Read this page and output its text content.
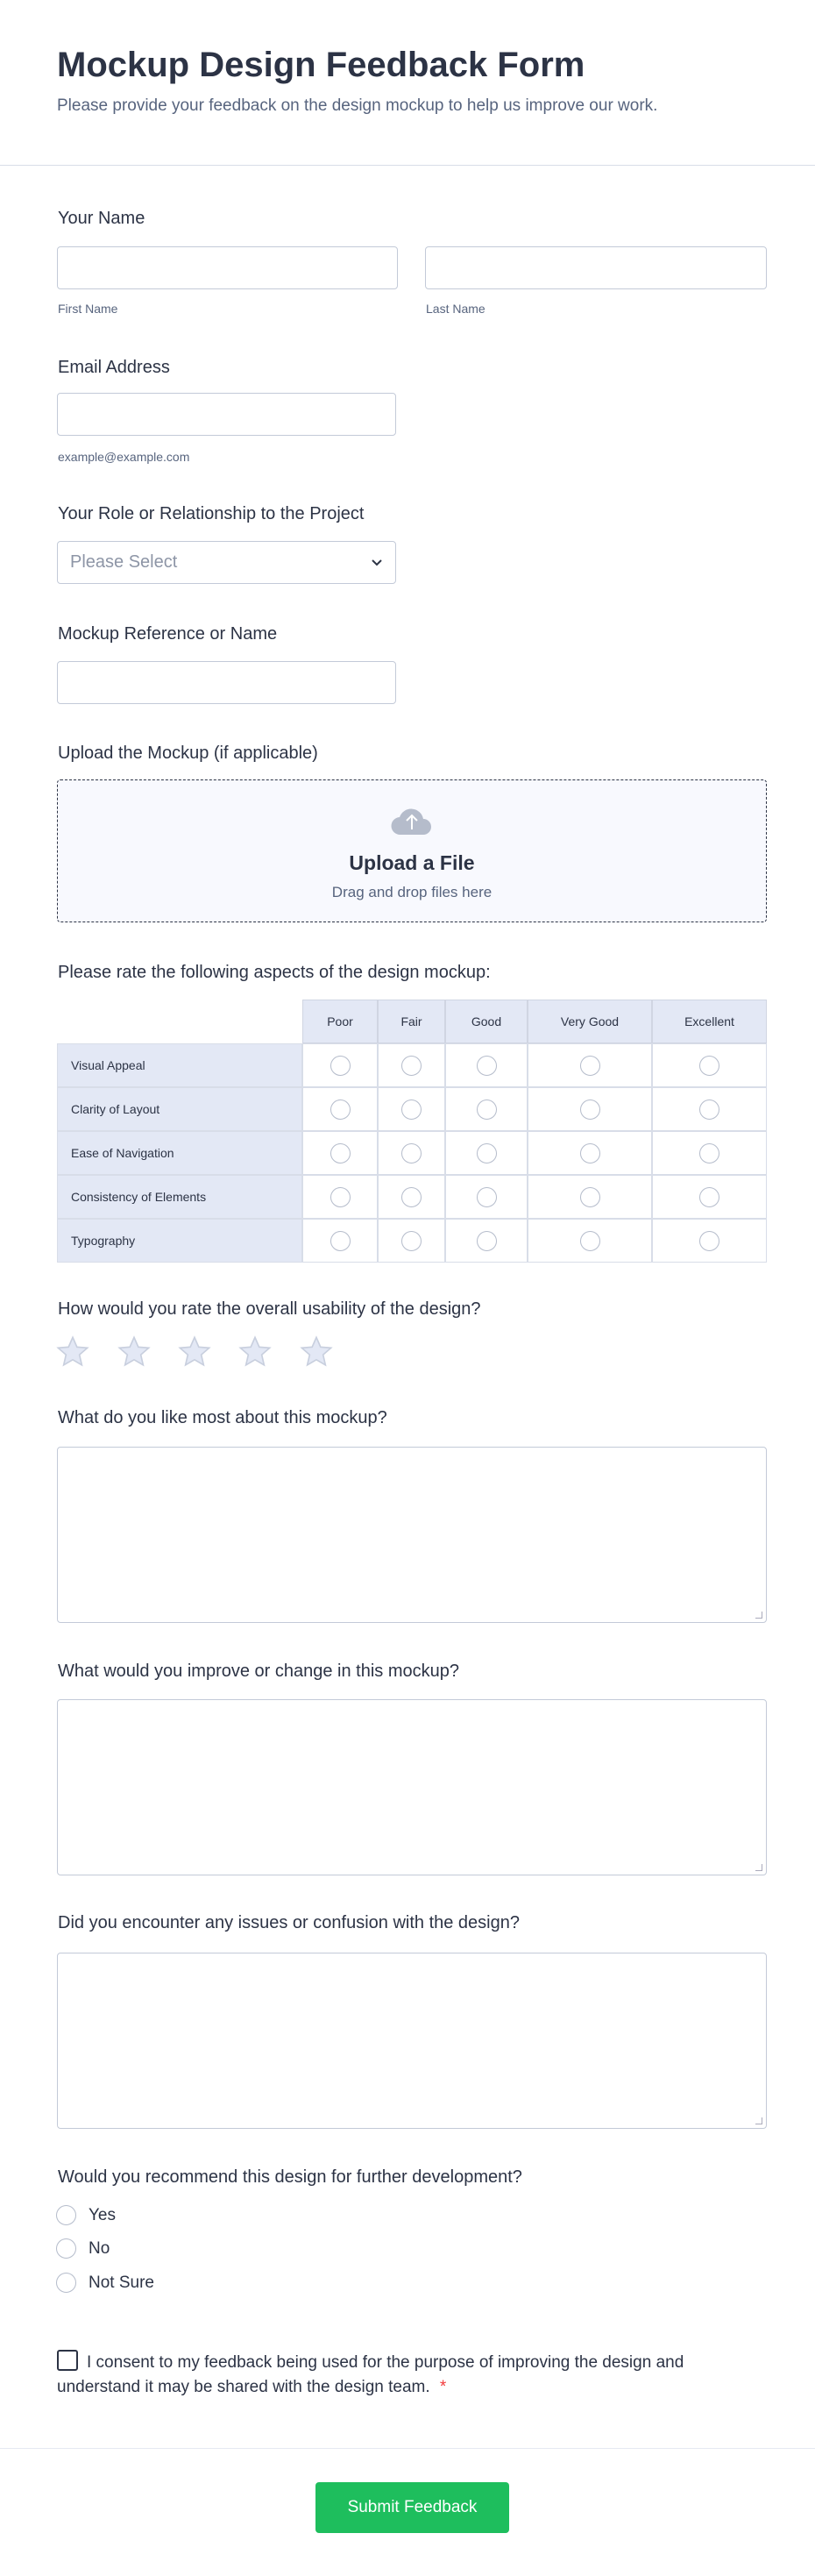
Mockup Design Feedback Form

Please provide your feedback on the design mockup to help us improve our work.

Your Name
First Name	Last Name
Email Address
example@example.com
Your Role or Relationship to the Project
Please Select
Mockup Reference or Name
Upload the Mockup (if applicable)
Upload a File
Drag and drop files here
Please rate the following aspects of the design mockup:
	Poor	Fair	Good	Very Good	Excellent
Visual Appeal					
Clarity of Layout					
Ease of Navigation					
Consistency of Elements					
Typography					
How would you rate the overall usability of the design?
What do you like most about this mockup?
What would you improve or change in this mockup?
Did you encounter any issues or confusion with the design?
Would you recommend this design for further development?
Yes
No
Not Sure
I consent to my feedback being used for the purpose of improving the design and understand it may be shared with the design team. *
Submit Feedback
